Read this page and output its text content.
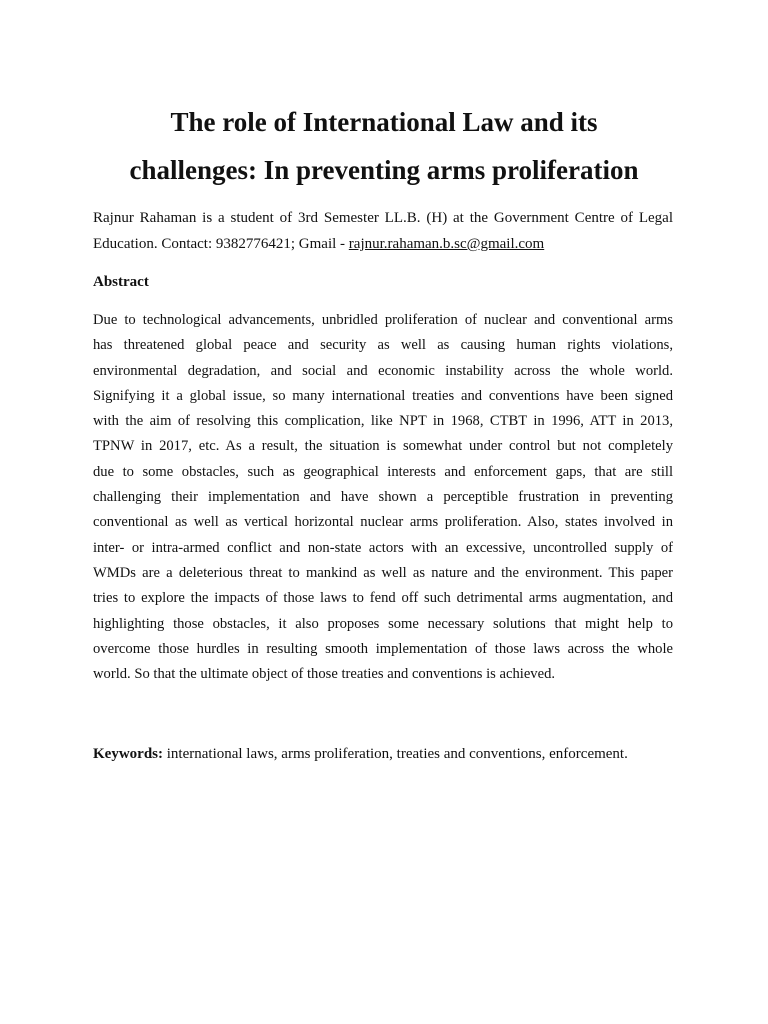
The role of International Law and its
challenges: In preventing arms proliferation

Rajnur Rahaman is a student of 3rd Semester LL.B. (H) at the Government Centre of Legal Education. Contact: 9382776421; Gmail - rajnur.rahaman.b.sc@gmail.com

Abstract

Due to technological advancements, unbridled proliferation of nuclear and conventional arms
has threatened global peace and security as well as causing human rights violations,
environmental degradation, and social and economic instability across the whole world.
Signifying it a global issue, so many international treaties and conventions have been signed
with the aim of resolving this complication, like NPT in 1968, CTBT in 1996, ATT in 2013,
TPNW in 2017, etc. As a result, the situation is somewhat under control but not completely
due to some obstacles, such as geographical interests and enforcement gaps, that are still
challenging their implementation and have shown a perceptible frustration in preventing
conventional as well as vertical horizontal nuclear arms proliferation. Also, states involved in
inter- or intra-armed conflict and non-state actors with an excessive, uncontrolled supply of
WMDs are a deleterious threat to mankind as well as nature and the environment. This paper
tries to explore the impacts of those laws to fend off such detrimental arms augmentation, and
highlighting those obstacles, it also proposes some necessary solutions that might help to
overcome those hurdles in resulting smooth implementation of those laws across the whole
world. So that the ultimate object of those treaties and conventions is achieved.

Keywords: international laws, arms proliferation, treaties and conventions, enforcement.
